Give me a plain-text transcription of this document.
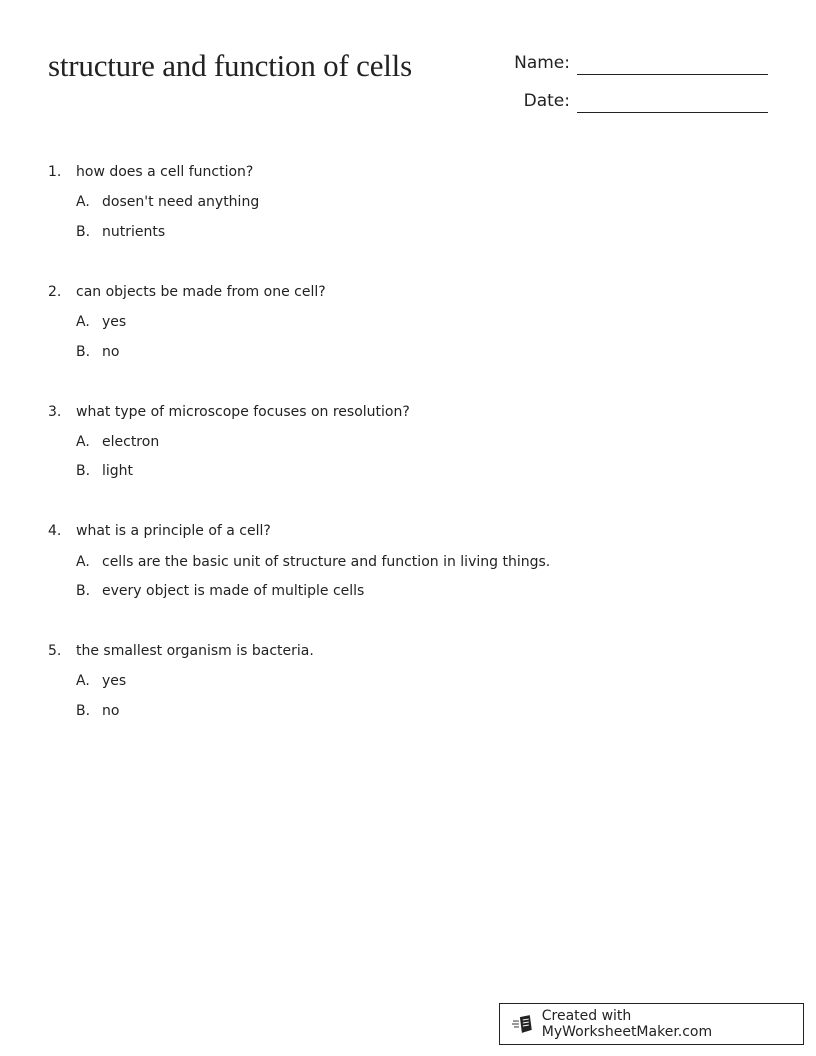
structure and function of cells	Name:
Date:
1. how does a cell function?
A. dosen't need anything
B. nutrients
2. can objects be made from one cell?
A. yes
B. no
3. what type of microscope focuses on resolution?
A. electron
B. light
4. what is a principle of a cell?
A. cells are the basic unit of structure and function in living things.
B. every object is made of multiple cells
5. the smallest organism is bacteria.
A. yes
B. no
Created with MyWorksheetMaker.com
